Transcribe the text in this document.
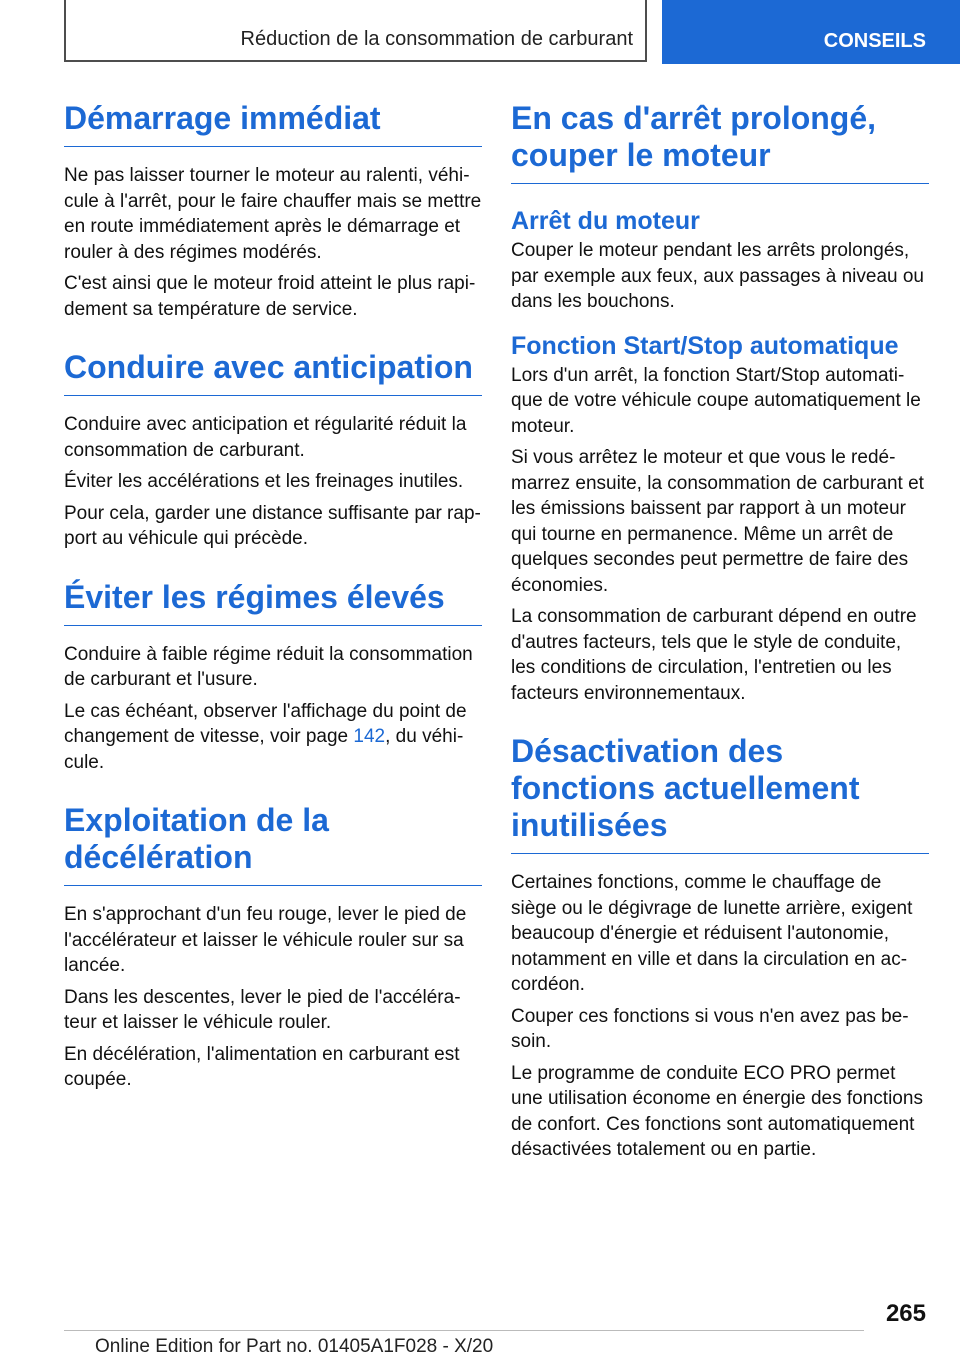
Réduction de la consommation de carburant	CONSEILS
Démarrage immédiat

Ne pas laisser tourner le moteur au ralenti, véhicule à l'arrêt, pour le faire chauffer mais se mettre en route immédiatement après le démarrage et rouler à des régimes modérés.

C'est ainsi que le moteur froid atteint le plus rapidement sa température de service.

Conduire avec anticipation

Conduire avec anticipation et régularité réduit la consommation de carburant.

Éviter les accélérations et les freinages inutiles.

Pour cela, garder une distance suffisante par rapport au véhicule qui précède.

Éviter les régimes élevés

Conduire à faible régime réduit la consommation de carburant et l'usure.

Le cas échéant, observer l'affichage du point de changement de vitesse, voir page 142, du véhicule.

Exploitation de la décélération

En s'approchant d'un feu rouge, lever le pied de l'accélérateur et laisser le véhicule rouler sur sa lancée.

Dans les descentes, lever le pied de l'accélérateur et laisser le véhicule rouler.

En décélération, l'alimentation en carburant est coupée.

En cas d'arrêt prolongé, couper le moteur
Arrêt du moteur

Couper le moteur pendant les arrêts prolongés, par exemple aux feux, aux passages à niveau ou dans les bouchons.

Fonction Start/Stop automatique

Lors d'un arrêt, la fonction Start/Stop automatique de votre véhicule coupe automatiquement le moteur.

Si vous arrêtez le moteur et que vous le redémarrez ensuite, la consommation de carburant et les émissions baissent par rapport à un moteur qui tourne en permanence. Même un arrêt de quelques secondes peut permettre de faire des économies.

La consommation de carburant dépend en outre d'autres facteurs, tels que le style de conduite, les conditions de circulation, l'entretien ou les facteurs environnementaux.

Désactivation des fonctions actuellement inutilisées

Certaines fonctions, comme le chauffage de siège ou le dégivrage de lunette arrière, exigent beaucoup d'énergie et réduisent l'autonomie, notamment en ville et dans la circulation en accordéon.

Couper ces fonctions si vous n'en avez pas besoin.

Le programme de conduite ECO PRO permet une utilisation économe en énergie des fonctions de confort. Ces fonctions sont automatiquement désactivées totalement ou en partie.

265
Online Edition for Part no. 01405A1F028 - X/20
